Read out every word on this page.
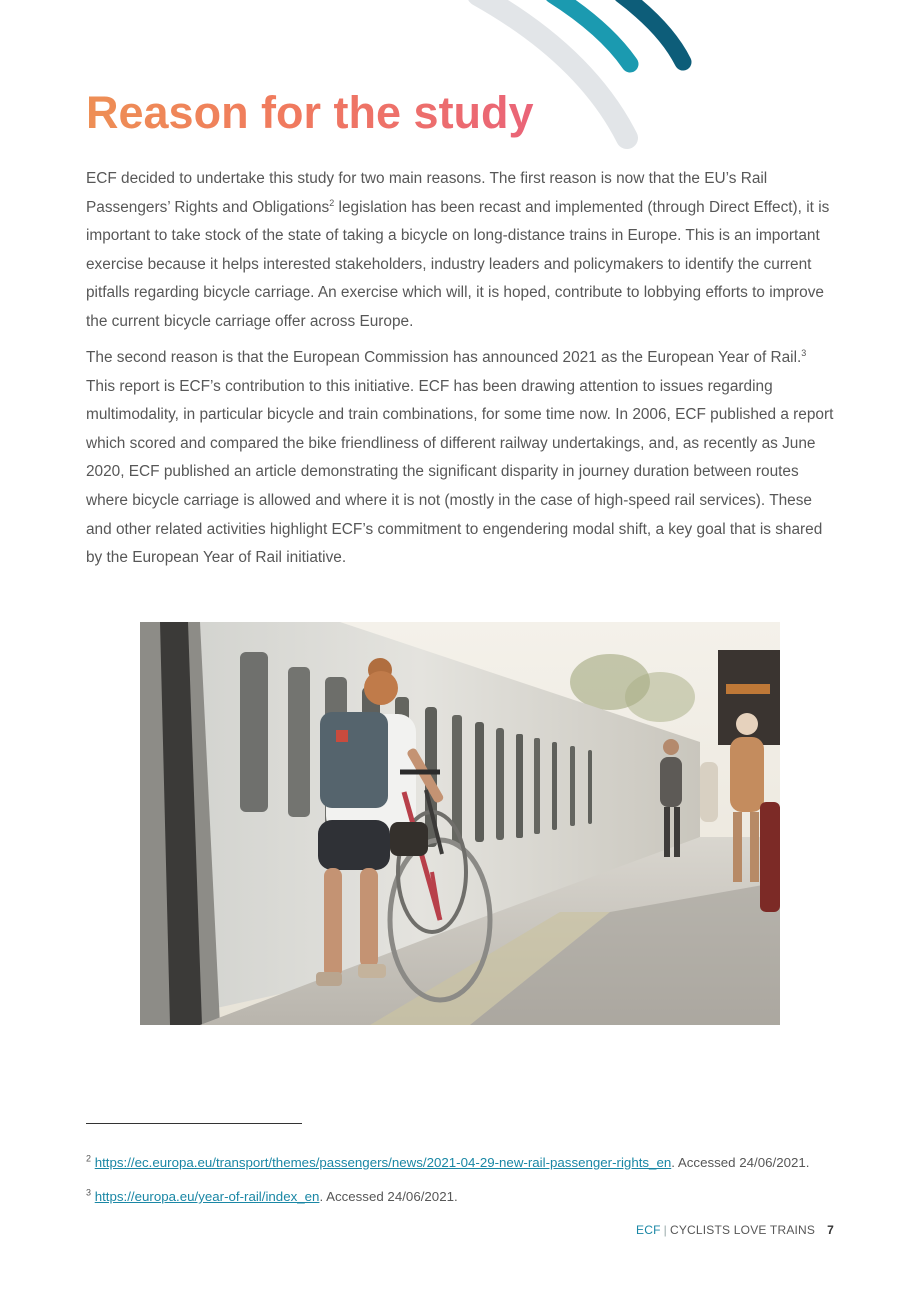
Reason for the study

ECF decided to undertake this study for two main reasons. The first reason is now that the EU’s Rail Passengers’ Rights and Obligations$^2$ legislation has been recast and implemented (through Direct Effect), it is important to take stock of the state of taking a bicycle on long-distance trains in Europe. This is an important exercise because it helps interested stakeholders, industry leaders and policymakers to identify the current pitfalls regarding bicycle carriage. An exercise which will, it is hoped, contribute to lobbying efforts to improve the current bicycle carriage offer across Europe.

The second reason is that the European Commission has announced 2021 as the European Year of Rail.$^3$ This report is ECF’s contribution to this initiative. ECF has been drawing attention to issues regarding multimodality, in particular bicycle and train combinations, for some time now. In 2006, ECF published a report which scored and compared the bike friendliness of different railway undertakings, and, as recently as June 2020, ECF published an article demonstrating the significant disparity in journey duration between routes where bicycle carriage is allowed and where it is not (mostly in the case of high-speed rail services). These and other related activities highlight ECF’s commitment to engendering modal shift, a key goal that is shared by the European Year of Rail initiative.

$^2$ https://ec.europa.eu/transport/themes/passengers/news/2021-04-29-new-rail-passenger-rights_en. Accessed 24/06/2021.

$^3$ https://europa.eu/year-of-rail/index_en. Accessed 24/06/2021.

ECF | CYCLISTS LOVE TRAINS 7
